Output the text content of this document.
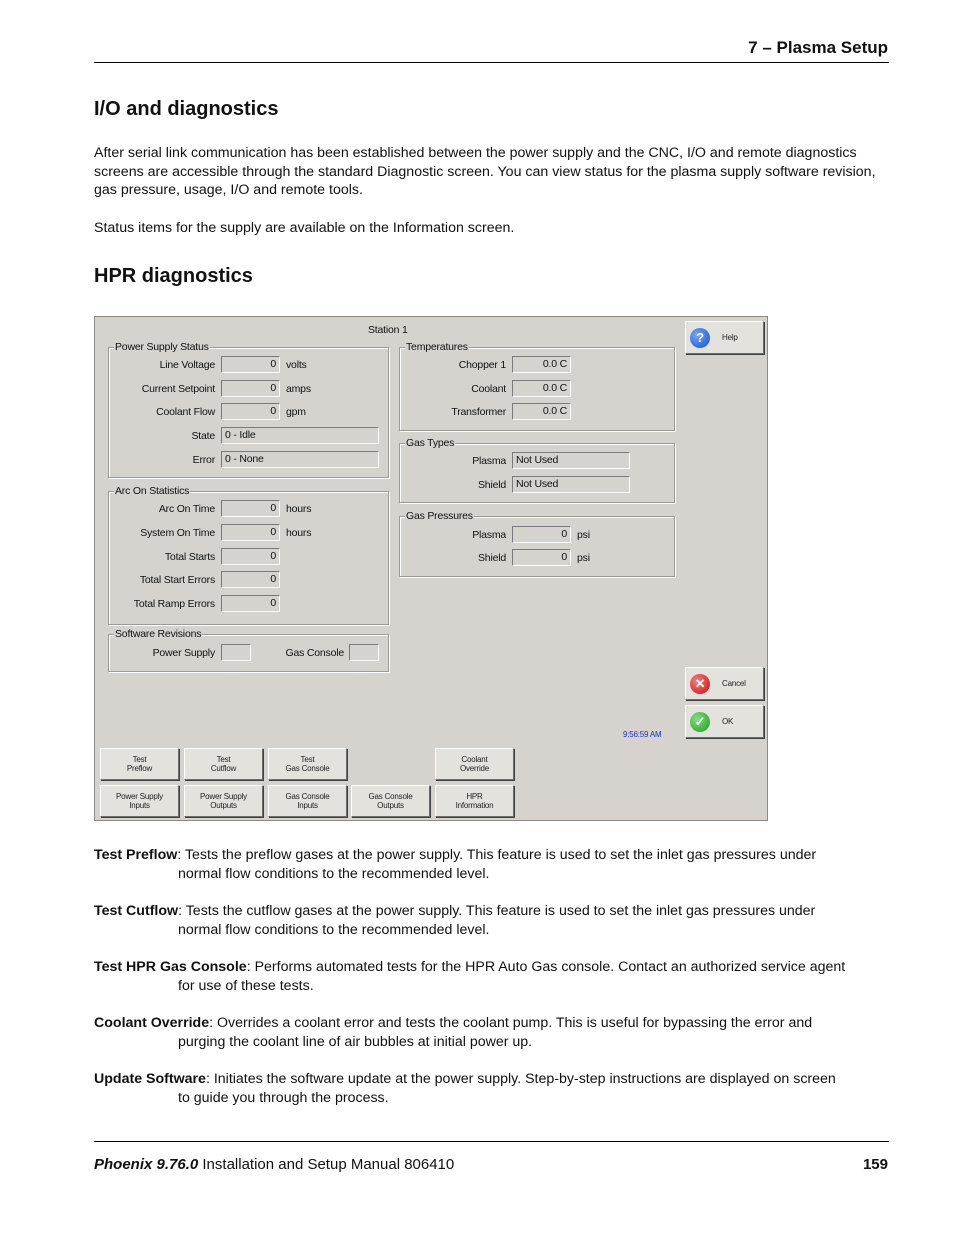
7 – Plasma Setup
I/O and diagnostics

After serial link communication has been established between the power supply and the CNC, I/O and remote diagnostics screens are accessible through the standard Diagnostic screen. You can view status for the plasma supply software revision, gas pressure, usage, I/O and remote tools.

Status items for the supply are available on the Information screen.

HPR diagnostics
Station 1
Power Supply Status
Line Voltage	0 volts
Current Setpoint	0 amps
Coolant Flow	0 gpm
State 0 - Idle
Error 0 - None
Arc On Statistics
Arc On Time	0 hours
System On Time	0 hours
Total Starts	0
Total Start Errors	0
Total Ramp Errors	0
Software Revisions
Power Supply	Gas Console
Temperatures
Chopper 1	0.0 C
Coolant	0.0 C
Transformer	0.0 C
Gas Types
Plasma Not Used
Shield Not Used
Gas Pressures
Plasma	0 psi
Shield	0 psi
?	Help
✕	Cancel
✓	OK
9:56:59 AM
Test
Preflow
Test
Cutflow
Test
Gas Console
Coolant
Override
Power Supply
Inputs
Power Supply
Outputs
Gas Console
Inputs
Gas Console
Outputs
HPR
Information

Test Preflow: Tests the preflow gases at the power supply. This feature is used to set the inlet gas pressures under
normal flow conditions to the recommended level.

Test Cutflow: Tests the cutflow gases at the power supply. This feature is used to set the inlet gas pressures under
normal flow conditions to the recommended level.

Test HPR Gas Console: Performs automated tests for the HPR Auto Gas console. Contact an authorized service agent
for use of these tests.

Coolant Override: Overrides a coolant error and tests the coolant pump. This is useful for bypassing the error and
purging the coolant line of air bubbles at initial power up.

Update Software: Initiates the software update at the power supply. Step-by-step instructions are displayed on screen
to guide you through the process.

Phoenix 9.76.0 Installation and Setup Manual 806410	159
